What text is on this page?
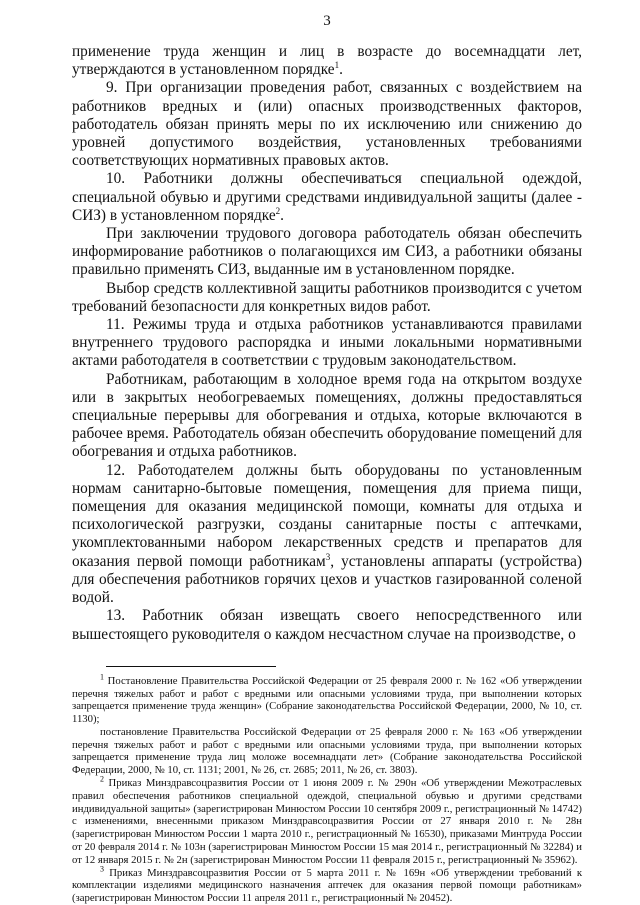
3

применение труда женщин и лиц в возрасте до восемнадцати лет, утверждаются в установленном порядке$^1$.

9. При организации проведения работ, связанных с воздействием на работников вредных и (или) опасных производственных факторов, работодатель обязан принять меры по их исключению или снижению до уровней допустимого воздействия, установленных требованиями соответствующих нормативных правовых актов.

10. Работники должны обеспечиваться специальной одеждой, специальной обувью и другими средствами индивидуальной защиты (далее - СИЗ) в установленном порядке$^2$.

При заключении трудового договора работодатель обязан обеспечить информирование работников о полагающихся им СИЗ, а работники обязаны правильно применять СИЗ, выданные им в установленном порядке.

Выбор средств коллективной защиты работников производится с учетом требований безопасности для конкретных видов работ.

11. Режимы труда и отдыха работников устанавливаются правилами внутреннего трудового распорядка и иными локальными нормативными актами работодателя в соответствии с трудовым законодательством.

Работникам, работающим в холодное время года на открытом воздухе или в закрытых необогреваемых помещениях, должны предоставляться специальные перерывы для обогревания и отдыха, которые включаются в рабочее время. Работодатель обязан обеспечить оборудование помещений для обогревания и отдыха работников.

12. Работодателем должны быть оборудованы по установленным нормам санитарно-бытовые помещения, помещения для приема пищи, помещения для оказания медицинской помощи, комнаты для отдыха и психологической разгрузки, созданы санитарные посты с аптечками, укомплектованными набором лекарственных средств и препаратов для оказания первой помощи работникам$^3$, установлены аппараты (устройства) для обеспечения работников горячих цехов и участков газированной соленой водой.

13. Работник обязан извещать своего непосредственного или вышестоящего руководителя о каждом несчастном случае на производстве, о

$^1$ Постановление Правительства Российской Федерации от 25 февраля 2000 г. № 162 «Об утверждении перечня тяжелых работ и работ с вредными или опасными условиями труда, при выполнении которых запрещается применение труда женщин» (Собрание законодательства Российской Федерации, 2000, № 10, ст. 1130);

постановление Правительства Российской Федерации от 25 февраля 2000 г. № 163 «Об утверждении перечня тяжелых работ и работ с вредными или опасными условиями труда, при выполнении которых запрещается применение труда лиц моложе восемнадцати лет» (Собрание законодательства Российской Федерации, 2000, № 10, ст. 1131; 2001, № 26, ст. 2685; 2011, № 26, ст. 3803).

$^2$ Приказ Минздравсоцразвития России от 1 июня 2009 г. № 290н «Об утверждении Межотраслевых правил обеспечения работников специальной одеждой, специальной обувью и другими средствами индивидуальной защиты» (зарегистрирован Минюстом России 10 сентября 2009 г., регистрационный № 14742) с изменениями, внесенными приказом Минздравсоцразвития России от 27 января 2010 г. № 28н (зарегистрирован Минюстом России 1 марта 2010 г., регистрационный № 16530), приказами Минтруда России от 20 февраля 2014 г. № 103н (зарегистрирован Минюстом России 15 мая 2014 г., регистрационный № 32284) и от 12 января 2015 г. № 2н (зарегистрирован Минюстом России 11 февраля 2015 г., регистрационный № 35962).

$^3$ Приказ Минздравсоцразвития России от 5 марта 2011 г. № 169н «Об утверждении требований к комплектации изделиями медицинского назначения аптечек для оказания первой помощи работникам» (зарегистрирован Минюстом России 11 апреля 2011 г., регистрационный № 20452).
